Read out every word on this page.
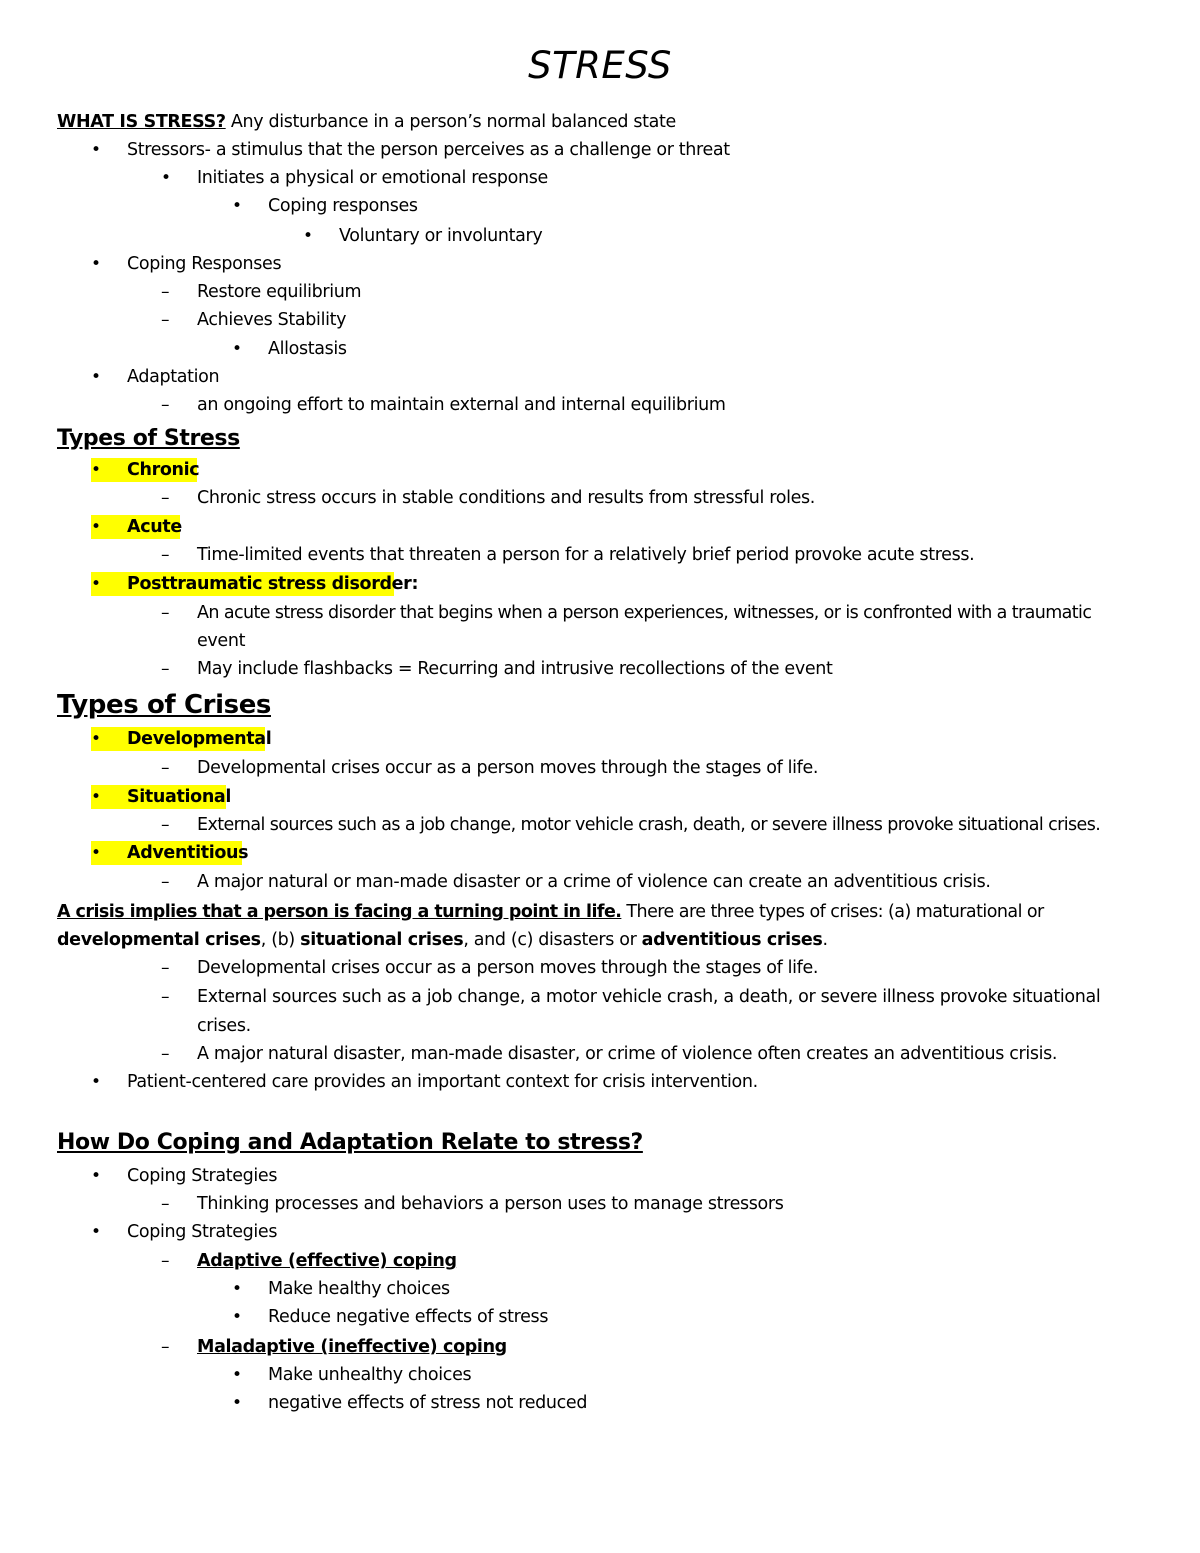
STRESS
WHAT IS STRESS? Any disturbance in a person’s normal balanced state
• Stressors- a stimulus that the person perceives as a challenge or threat
• Initiates a physical or emotional response
• Coping responses
• Voluntary or involuntary
• Coping Responses
– Restore equilibrium
– Achieves Stability
• Allostasis
• Adaptation
– an ongoing effort to maintain external and internal equilibrium
Types of Stress
• Chronic
– Chronic stress occurs in stable conditions and results from stressful roles.
• Acute
– Time-limited events that threaten a person for a relatively brief period provoke acute stress.
• Posttraumatic stress disorder:
– An acute stress disorder that begins when a person experiences, witnesses, or is confronted with a traumatic
event
– May include flashbacks = Recurring and intrusive recollections of the event
Types of Crises
• Developmental
– Developmental crises occur as a person moves through the stages of life.
• Situational
– External sources such as a job change, motor vehicle crash, death, or severe illness provoke situational crises.
• Adventitious
– A major natural or man-made disaster or a crime of violence can create an adventitious crisis.
A crisis implies that a person is facing a turning point in life. There are three types of crises: (a) maturational or
developmental crises, (b) situational crises, and (c) disasters or adventitious crises.
– Developmental crises occur as a person moves through the stages of life.
– External sources such as a job change, a motor vehicle crash, a death, or severe illness provoke situational
crises.
– A major natural disaster, man-made disaster, or crime of violence often creates an adventitious crisis.
• Patient-centered care provides an important context for crisis intervention.
How Do Coping and Adaptation Relate to stress?
• Coping Strategies
– Thinking processes and behaviors a person uses to manage stressors
• Coping Strategies
– Adaptive (effective) coping
• Make healthy choices
• Reduce negative effects of stress
– Maladaptive (ineffective) coping
• Make unhealthy choices
• negative effects of stress not reduced
